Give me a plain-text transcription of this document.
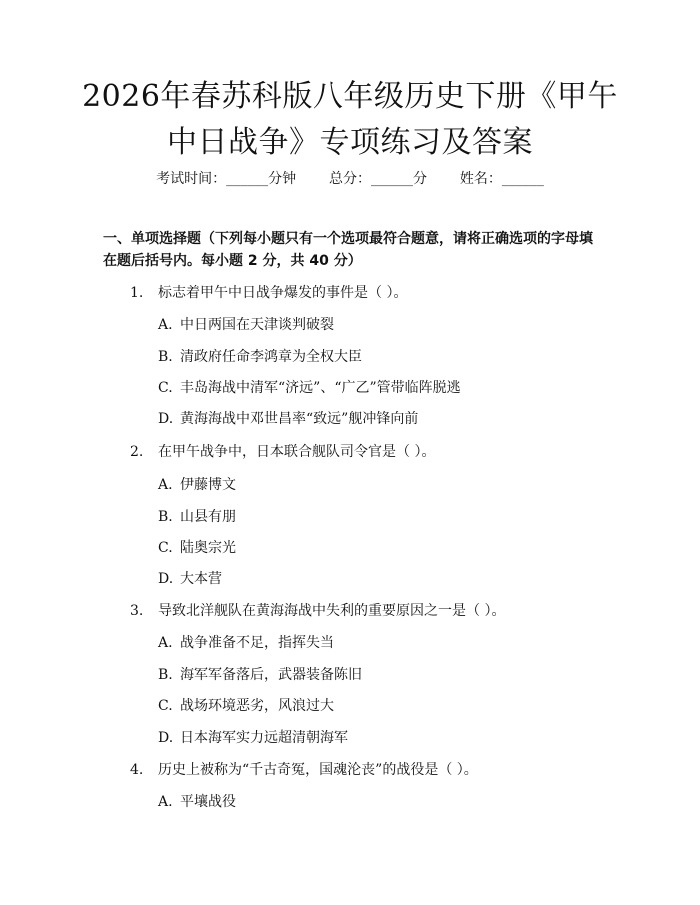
2026年春苏科版八年级历史下册《甲午中日战争》专项练习及答案
考试时间：______分钟 总分：______分 姓名：______
一、单项选择题（下列每小题只有一个选项最符合题意，请将正确选项的字母填在题后括号内。每小题 2 分，共 40 分）
1. 标志着甲午中日战争爆发的事件是（ ）。
A. 中日两国在天津谈判破裂
B. 清政府任命李鸿章为全权大臣
C. 丰岛海战中清军“济远”、“广乙”管带临阵脱逃
D. 黄海海战中邓世昌率“致远”舰冲锋向前
2. 在甲午战争中，日本联合舰队司令官是（ ）。
A. 伊藤博文
B. 山县有朋
C. 陆奥宗光
D. 大本营
3. 导致北洋舰队在黄海海战中失利的重要原因之一是（ ）。
A. 战争准备不足，指挥失当
B. 海军军备落后，武器装备陈旧
C. 战场环境恶劣，风浪过大
D. 日本海军实力远超清朝海军
4. 历史上被称为“千古奇冤，国魂沦丧”的战役是（ ）。
A. 平壤战役
